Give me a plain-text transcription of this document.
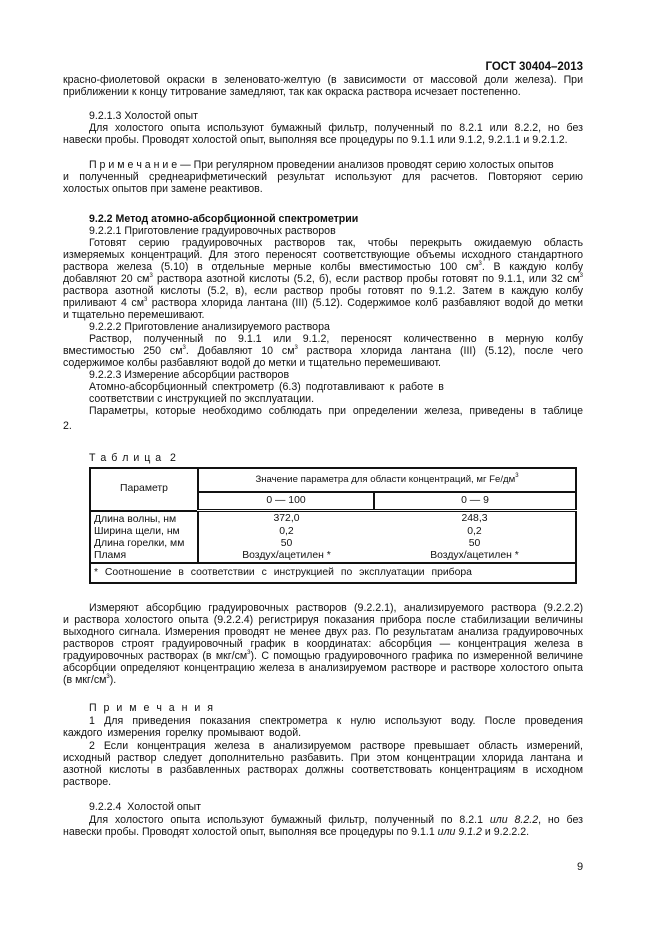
ГОСТ 30404–2013
красно-фиолетовой окраски в зеленовато-желтую (в зависимости от массовой доли железа). При
приближении к концу титрование замедляют, так как окраска раствора исчезает постепенно.
9.2.1.3 Холостой опыт
Для холостого опыта используют бумажный фильтр, полученный по 8.2.1 или 8.2.2, но без
навески пробы. Проводят холостой опыт, выполняя все процедуры по 9.1.1 или 9.1.2, 9.2.1.1 и 9.2.1.2.
П р и м е ч а н и е — При регулярном проведении анализов проводят серию холостых опытов
и полученный среднеарифметический результат используют для расчетов. Повторяют серию
холостых опытов при замене реактивов.
9.2.2 Метод атомно-абсорбционной спектрометрии
9.2.2.1 Приготовление градуировочных растворов
Готовят серию градуировочных растворов так, чтобы перекрыть ожидаемую область
измеряемых концентраций. Для этого переносят соответствующие объемы исходного стандартного
раствора железа (5.10) в отдельные мерные колбы вместимостью 100 $см^3$. В каждую колбу
добавляют 20 $см^3$ раствора азотной кислоты (5.2, б), если раствор пробы готовят по 9.1.1, или 32 $см^3$
раствора азотной кислоты (5.2, в), если раствор пробы готовят по 9.1.2. Затем в каждую колбу
приливают 4 $см^3$ раствора хлорида лантана (III) (5.12). Содержимое колб разбавляют водой до метки
и тщательно перемешивают.
9.2.2.2 Приготовление анализируемого раствора
Раствор, полученный по 9.1.1 или 9.1.2, переносят количественно в мерную колбу
вместимостью 250 $см^3$. Добавляют 10 $см^3$ раствора хлорида лантана (III) (5.12), после чего
содержимое колбы разбавляют водой до метки и тщательно перемешивают.
9.2.2.3 Измерение абсорбции растворов
Атомно-абсорбционный спектрометр (6.3) подготавливают к работе в
соответствии с инструкцией по эксплуатации.
Параметры, которые необходимо соблюдать при определении железа, приведены в таблице
2.
Т а б л и ц а  2
Параметр	Значение параметра для области концентраций, мг $Fe/дм^3$
	0 — 100	0 — 9
Длина волны, нм	372,0	248,3
Ширина щели, нм	0,2	0,2
Длина горелки, мм	50	50
Пламя	Воздух/ацетилен *	Воздух/ацетилен *
* Соотношение в соответствии с инструкцией по эксплуатации прибора		
Измеряют абсорбцию градуировочных растворов (9.2.2.1), анализируемого раствора (9.2.2.2)
и раствора холостого опыта (9.2.2.4) регистрируя показания прибора после стабилизации величины
выходного сигнала. Измерения проводят не менее двух раз. По результатам анализа градуировочных
растворов строят градуировочный график в координатах: абсорбция — концентрация железа в
градуировочных растворах (в мкг/$см^3$). С помощью градуировочного графика по измеренной величине
абсорбции определяют концентрацию железа в анализируемом растворе и растворе холостого опыта
(в мкг/$см^3$).
П р и м е ч а н и я
1 Для приведения показания спектрометра к нулю используют воду. После проведения
каждого измерения горелку промывают водой.
2 Если концентрация железа в анализируемом растворе превышает область измерений,
исходный раствор следует дополнительно разбавить. При этом концентрации хлорида лантана и
азотной кислоты в разбавленных растворах должны соответствовать концентрациям в исходном
растворе.
9.2.2.4  Холостой опыт
Для холостого опыта используют бумажный фильтр, полученный по 8.2.1 или 8.2.2, но без
навески пробы. Проводят холостой опыт, выполняя все процедуры по 9.1.1 или 9.1.2 и 9.2.2.2.
9
